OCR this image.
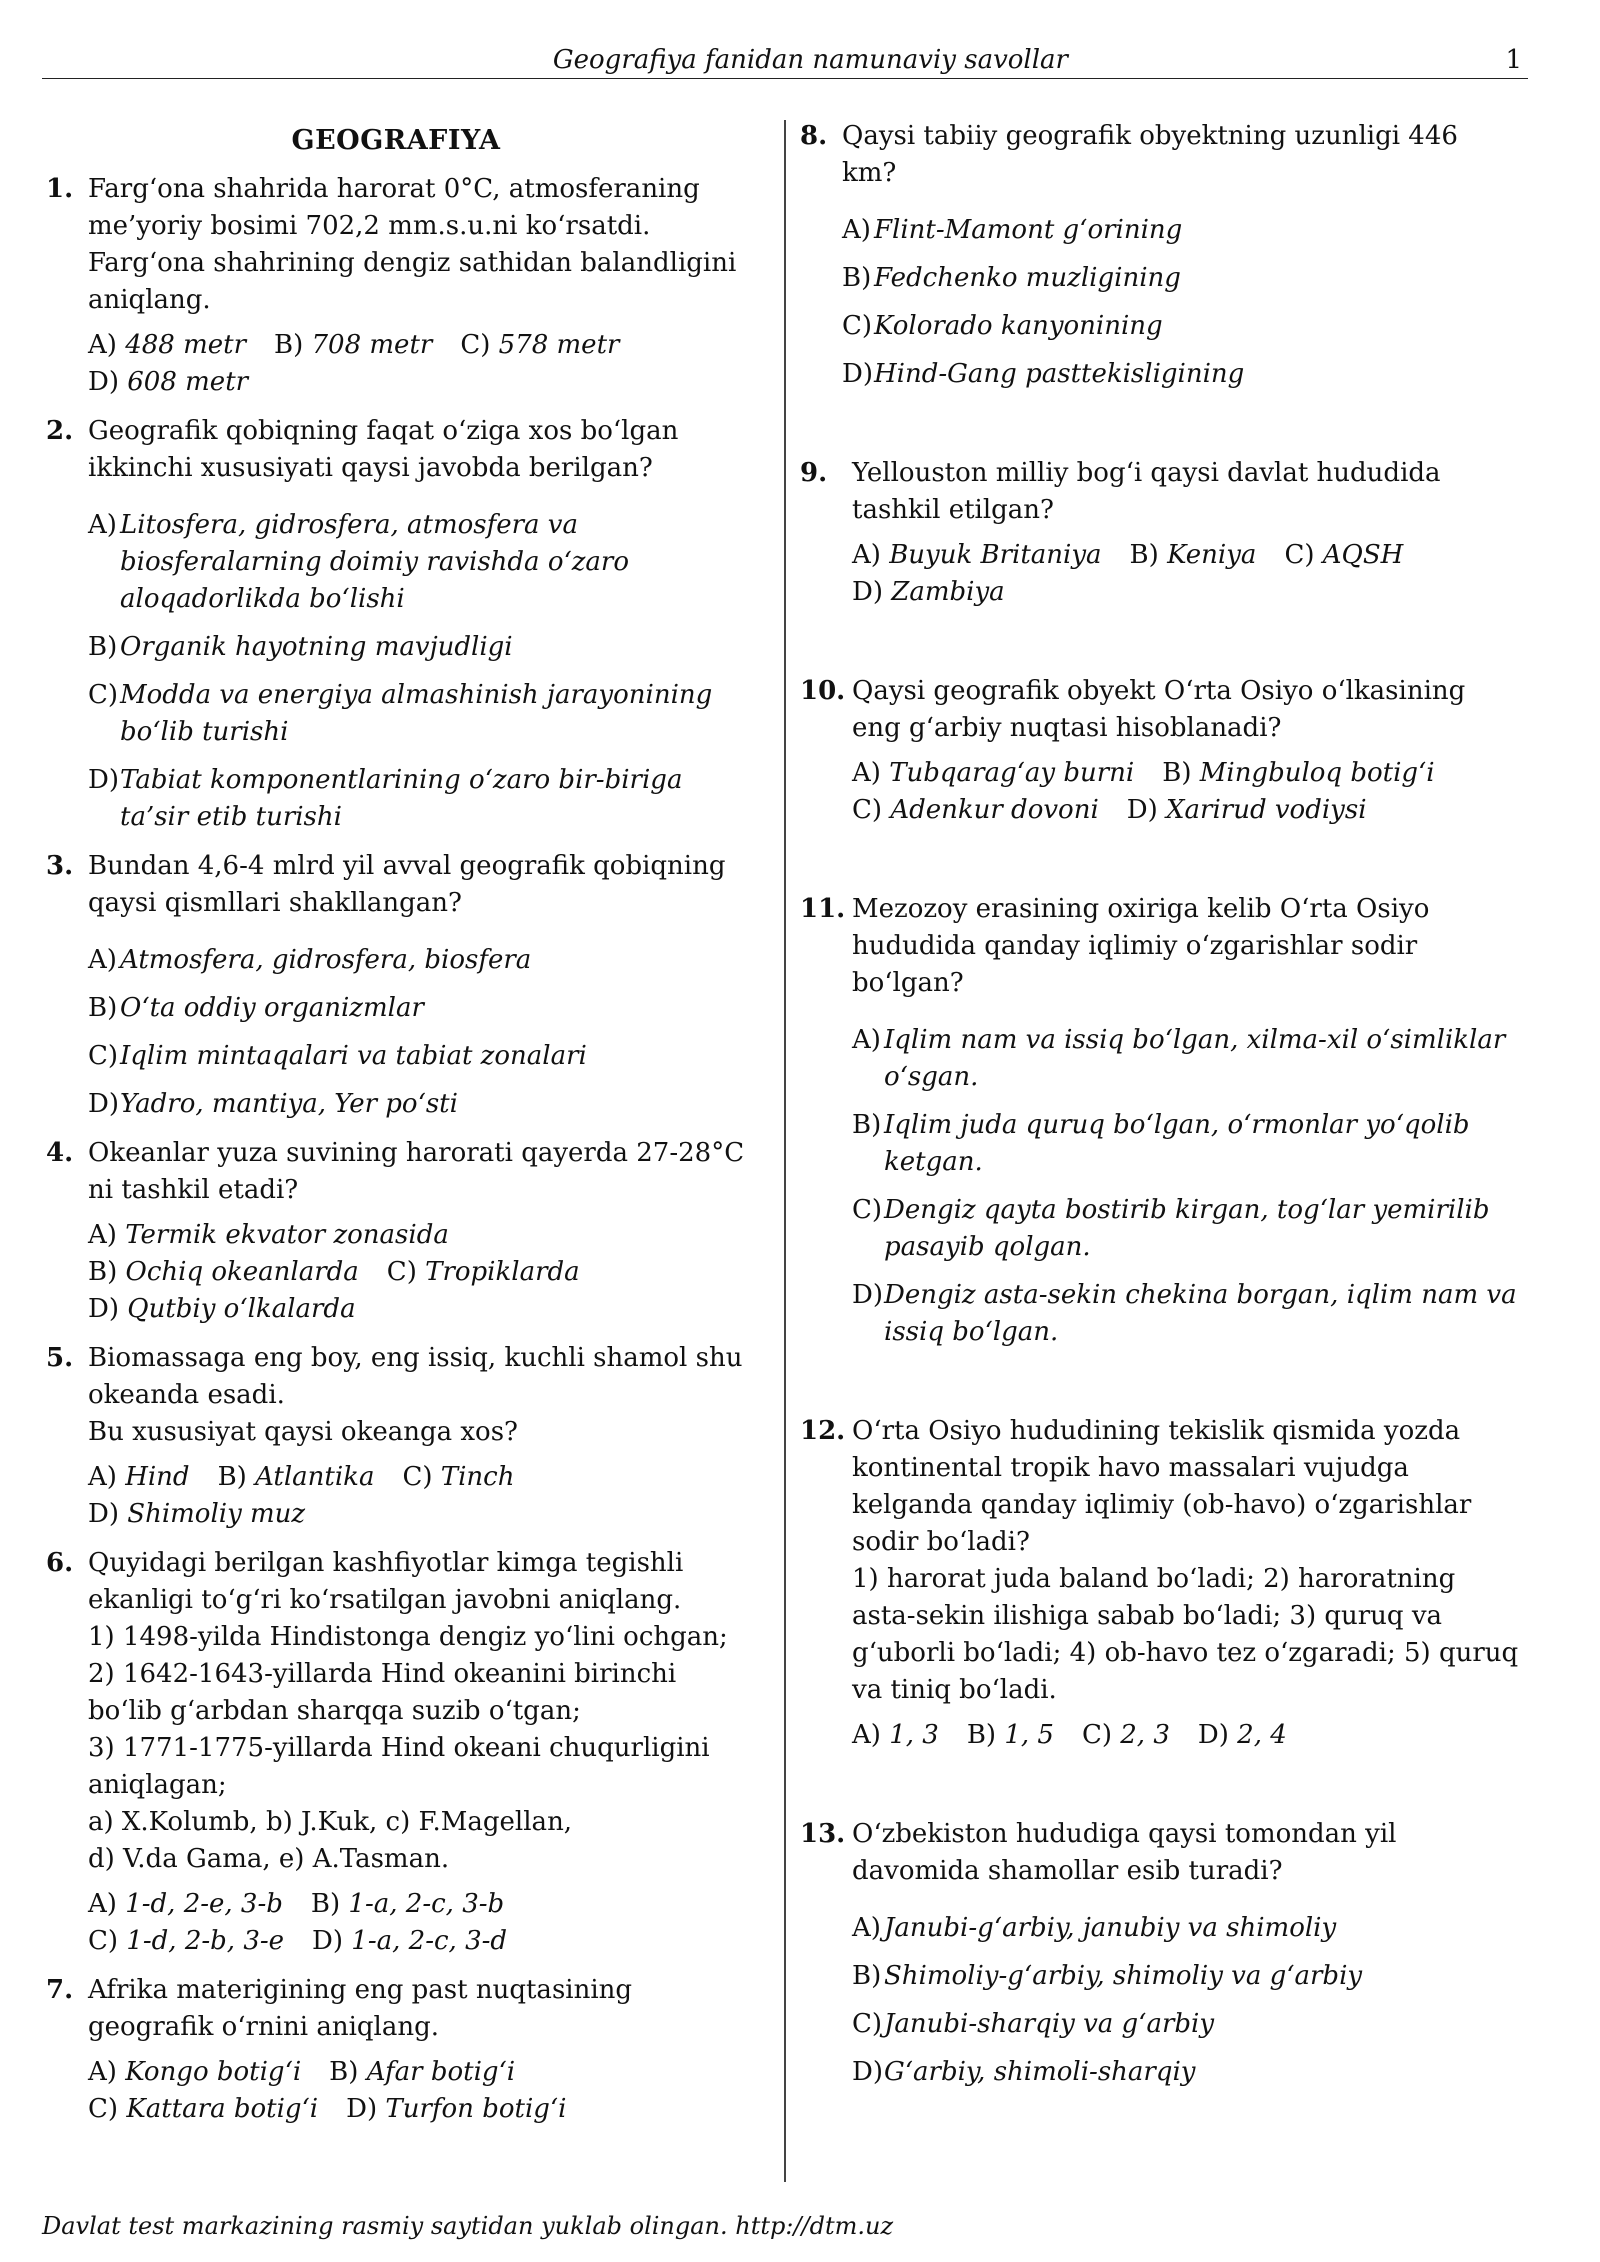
Geografiya fanidan namunaviy savollar	1
GEOGRAFIYA
1. Farg‘ona shahrida harorat 0°C, atmosferaning me’yoriy bosimi 702,2 mm.s.u.ni ko‘rsatdi.
Farg‘ona shahrining dengiz sathidan balandligini aniqlang.
A) 488 metr B) 708 metr C) 578 metr
D) 608 metr
2. Geografik qobiqning faqat o‘ziga xos bo‘lgan ikkinchi xususiyati qaysi javobda berilgan?
A) Litosfera, gidrosfera, atmosfera va biosferalarning doimiy ravishda o‘zaro aloqadorlikda bo‘lishi
B) Organik hayotning mavjudligi
C) Modda va energiya almashinish jarayonining bo‘lib turishi
D) Tabiat komponentlarining o‘zaro bir-biriga ta’sir etib turishi
3. Bundan 4,6-4 mlrd yil avval geografik qobiqning qaysi qismllari shakllangan?
A) Atmosfera, gidrosfera, biosfera
B) O‘ta oddiy organizmlar
C) Iqlim mintaqalari va tabiat zonalari
D) Yadro, mantiya, Yer po‘sti
4. Okeanlar yuza suvining harorati qayerda 27-28°C ni tashkil etadi?
A) Termik ekvator zonasida
B) Ochiq okeanlarda C) Tropiklarda
D) Qutbiy o‘lkalarda
5. Biomassaga eng boy, eng issiq, kuchli shamol shu okeanda esadi.
Bu xususiyat qaysi okeanga xos?
A) Hind B) Atlantika C) Tinch
D) Shimoliy muz
6. Quyidagi berilgan kashfiyotlar kimga tegishli ekanligi to‘g‘ri ko‘rsatilgan javobni aniqlang.
1) 1498-yilda Hindistonga dengiz yo‘lini ochgan;
2) 1642-1643-yillarda Hind okeanini birinchi bo‘lib g‘arbdan sharqqa suzib o‘tgan;
3) 1771-1775-yillarda Hind okeani chuqurligini aniqlagan;
a) X.Kolumb, b) J.Kuk, c) F.Magellan,
d) V.da Gama, e) A.Tasman.
A) 1-d, 2-e, 3-b B) 1-a, 2-c, 3-b
C) 1-d, 2-b, 3-e D) 1-a, 2-c, 3-d
7. Afrika materigining eng past nuqtasining geografik o‘rnini aniqlang.
A) Kongo botig‘i B) Afar botig‘i
C) Kattara botig‘i D) Turfon botig‘i
8. Qaysi tabiiy geografik obyektning uzunligi 446 km?
A) Flint-Mamont g‘orining
B) Fedchenko muzligining
C) Kolorado kanyonining
D) Hind-Gang pasttekisligining
9. Yellouston milliy bog‘i qaysi davlat hududida tashkil etilgan?
A) Buyuk Britaniya B) Keniya C) AQSH
D) Zambiya
10. Qaysi geografik obyekt O‘rta Osiyo o‘lkasining eng g‘arbiy nuqtasi hisoblanadi?
A) Tubqarag‘ay burni B) Mingbuloq botig‘i
C) Adenkur dovoni D) Xarirud vodiysi
11. Mezozoy erasining oxiriga kelib O‘rta Osiyo hududida qanday iqlimiy o‘zgarishlar sodir bo‘lgan?
A) Iqlim nam va issiq bo‘lgan, xilma-xil o‘simliklar o‘sgan.
B) Iqlim juda quruq bo‘lgan, o‘rmonlar yo‘qolib ketgan.
C) Dengiz qayta bostirib kirgan, tog‘lar yemirilib pasayib qolgan.
D) Dengiz asta-sekin chekina borgan, iqlim nam va issiq bo‘lgan.
12. O‘rta Osiyo hududining tekislik qismida yozda kontinental tropik havo massalari vujudga kelganda qanday iqlimiy (ob-havo) o‘zgarishlar sodir bo‘ladi?
1) harorat juda baland bo‘ladi; 2) haroratning asta-sekin ilishiga sabab bo‘ladi; 3) quruq va g‘uborli bo‘ladi; 4) ob-havo tez o‘zgaradi; 5) quruq va tiniq bo‘ladi.
A) 1, 3 B) 1, 5 C) 2, 3 D) 2, 4
13. O‘zbekiston hududiga qaysi tomondan yil davomida shamollar esib turadi?
A) Janubi-g‘arbiy, janubiy va shimoliy
B) Shimoliy-g‘arbiy, shimoliy va g‘arbiy
C) Janubi-sharqiy va g‘arbiy
D) G‘arbiy, shimoli-sharqiy
Davlat test markazining rasmiy saytidan yuklab olingan. http://dtm.uz
